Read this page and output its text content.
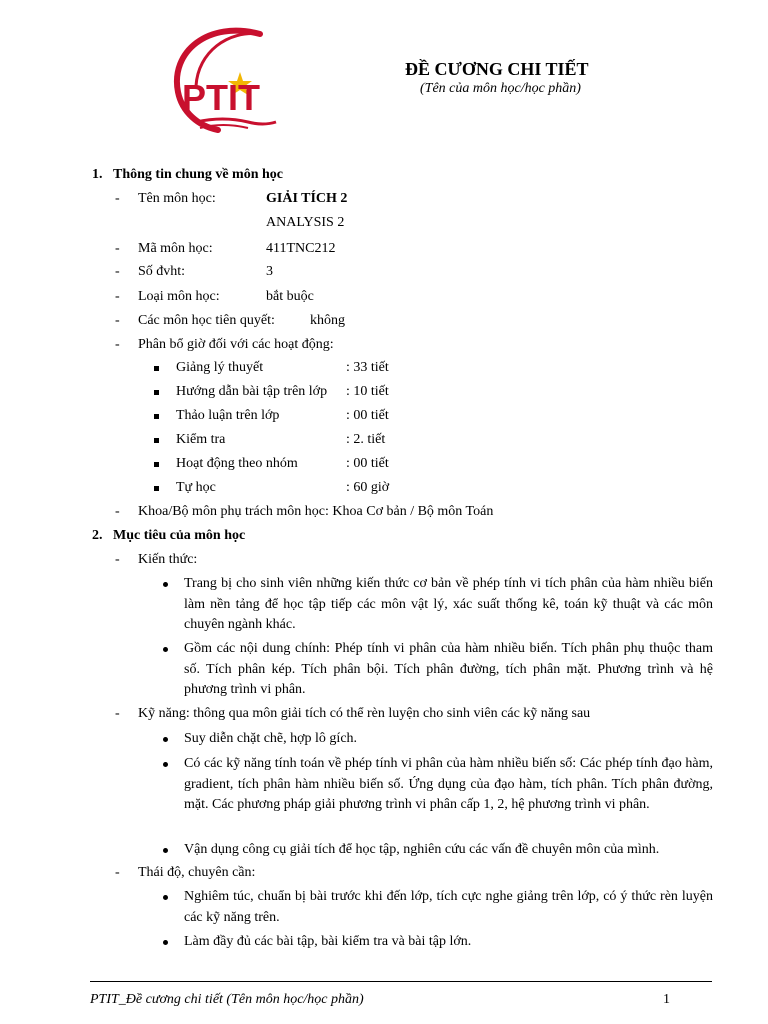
PTIT
ĐỀ CƯƠNG CHI TIẾT
(Tên của môn học/học phần)
1.   Thông tin chung về môn học
- Tên môn học:	GIẢI TÍCH 2
ANALYSIS 2
- Mã môn học:	411TNC212
- Số đvht:	3
- Loại môn học:	bắt buộc
- Các môn học tiên quyết:	không
- Phân bổ giờ đối với các hoạt động:
Giảng lý thuyết	: 33 tiết
Hướng dẫn bài tập trên lớp : 10 tiết
Thảo luận trên lớp	: 00 tiết
Kiểm tra	: 2. tiết
Hoạt động theo nhóm	: 00 tiết
Tự học	: 60 giờ
- Khoa/Bộ môn phụ trách môn học: Khoa Cơ bản / Bộ môn Toán
2.   Mục tiêu của môn học
- Kiến thức:
Trang bị cho sinh viên những kiến thức cơ bản về phép tính vi tích phân của hàm nhiều biến làm nền tảng để học tập tiếp các môn vật lý, xác suất thống kê, toán kỹ thuật và các môn chuyên ngành khác.
Gồm các nội dung chính: Phép tính vi phân của hàm nhiều biến. Tích phân phụ thuộc tham số. Tích phân kép. Tích phân bội. Tích phân đường, tích phân mặt. Phương trình và hệ phương trình vi phân.
- Kỹ năng: thông qua môn giải tích có thể rèn luyện cho sinh viên các kỹ năng sau
Suy diễn chặt chẽ, hợp lô gích.
Có các kỹ năng tính toán về phép tính vi phân của hàm nhiều biến số: Các phép tính đạo hàm, gradient, tích phân hàm nhiều biến số. Ứng dụng của đạo hàm, tích phân. Tích phân đường, mặt. Các phương pháp giải phương trình vi phân cấp 1, 2, hệ phương trình vi phân.
Vận dụng công cụ giải tích để học tập, nghiên cứu các vấn đề chuyên môn của mình.
- Thái độ, chuyên cần:
Nghiêm túc, chuẩn bị bài trước khi đến lớp, tích cực nghe giảng trên lớp, có ý thức rèn luyện các kỹ năng trên.
Làm đầy đủ các bài tập, bài kiểm tra và bài tập lớn.
PTIT_Đề cương chi tiết (Tên môn học/học phần)	1
